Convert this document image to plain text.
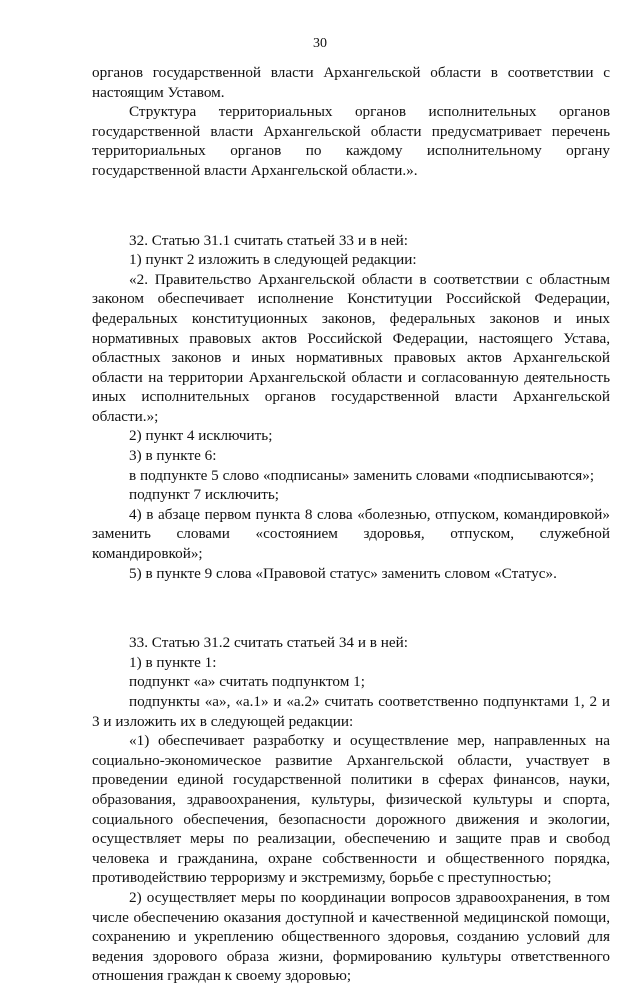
30

органов государственной власти Архангельской области в соответствии с настоящим Уставом.

Структура территориальных органов исполнительных органов государственной власти Архангельской области предусматривает перечень территориальных органов по каждому исполнительному органу государственной власти Архангельской области.».

32. Статью 31.1 считать статьей 33 и в ней:

1) пункт 2 изложить в следующей редакции:

«2. Правительство Архангельской области в соответствии с областным законом обеспечивает исполнение Конституции Российской Федерации, федеральных конституционных законов, федеральных законов и иных нормативных правовых актов Российской Федерации, настоящего Устава, областных законов и иных нормативных правовых актов Архангельской области на территории Архангельской области и согласованную деятельность иных исполнительных органов государственной власти Архангельской области.»;

2) пункт 4 исключить;

3) в пункте 6:

в подпункте 5 слово «подписаны» заменить словами «подписываются»;

подпункт 7 исключить;

4) в абзаце первом пункта 8 слова «болезнью, отпуском, командировкой» заменить словами «состоянием здоровья, отпуском, служебной командировкой»;

5) в пункте 9 слова «Правовой статус» заменить словом «Статус».

33. Статью 31.2 считать статьей 34 и в ней:

1) в пункте 1:

подпункт «а» считать подпунктом 1;

подпункты «а», «а.1» и «а.2» считать соответственно подпунктами 1, 2 и 3 и изложить их в следующей редакции:

«1) обеспечивает разработку и осуществление мер, направленных на социально-экономическое развитие Архангельской области, участвует в проведении единой государственной политики в сферах финансов, науки, образования, здравоохранения, культуры, физической культуры и спорта, социального обеспечения, безопасности дорожного движения и экологии, осуществляет меры по реализации, обеспечению и защите прав и свобод человека и гражданина, охране собственности и общественного порядка, противодействию терроризму и экстремизму, борьбе с преступностью;

2) осуществляет меры по координации вопросов здравоохранения, в том числе обеспечению оказания доступной и качественной медицинской помощи, сохранению и укреплению общественного здоровья, созданию условий для ведения здорового образа жизни, формированию культуры ответственного отношения граждан к своему здоровью;
